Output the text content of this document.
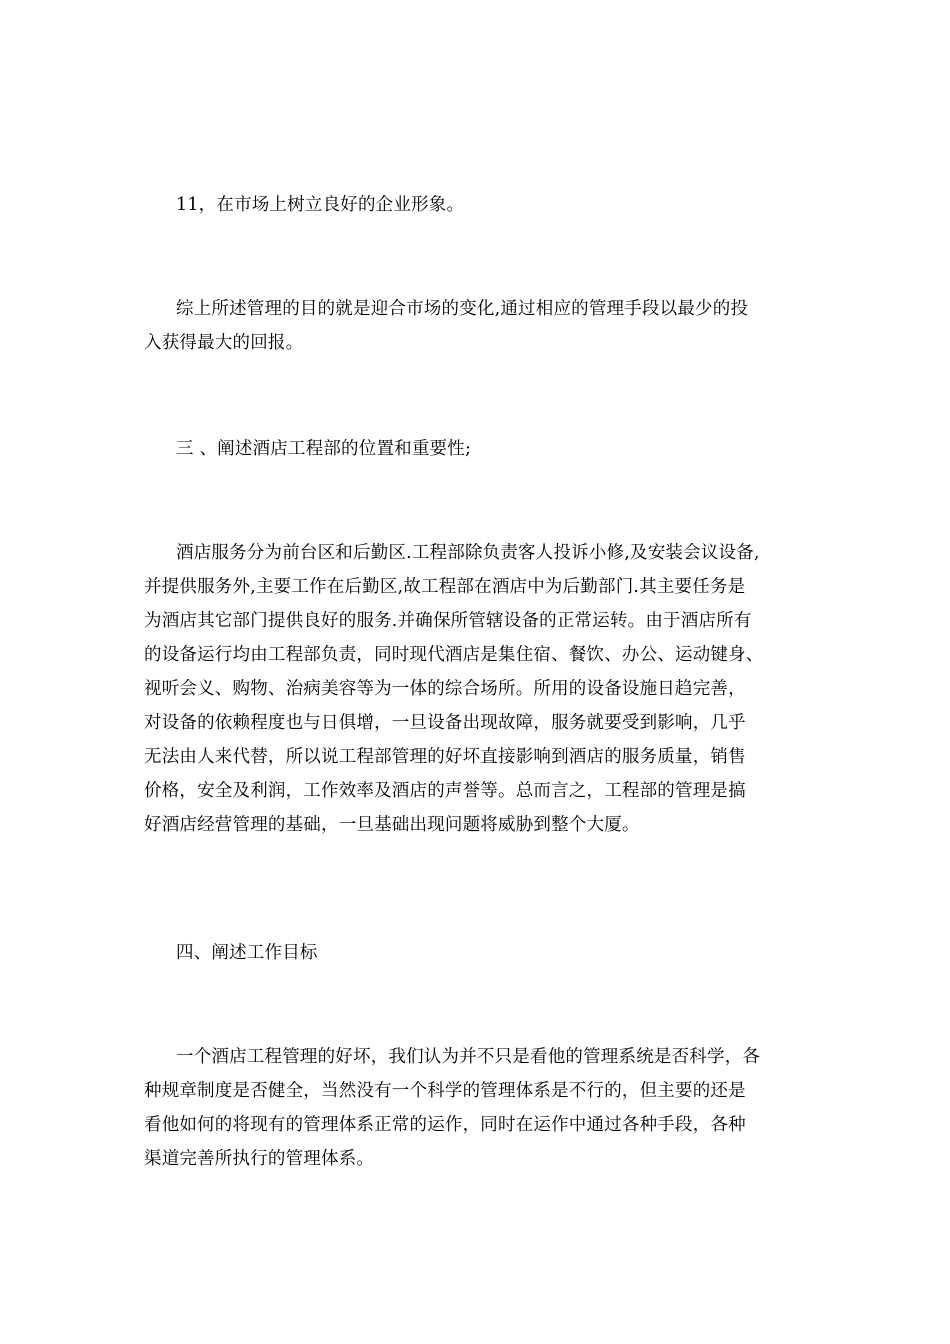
11，在市场上树立良好的企业形象。

综上所述管理的目的就是迎合市场的变化,通过相应的管理手段以最少的投
入获得最大的回报。

三 、阐述酒店工程部的位置和重要性;

酒店服务分为前台区和后勤区.工程部除负责客人投诉小修,及安装会议设备,
并提供服务外,主要工作在后勤区,故工程部在酒店中为后勤部门.其主要任务是
为酒店其它部门提供良好的服务.并确保所管辖设备的正常运转。由于酒店所有
的设备运行均由工程部负责，同时现代酒店是集住宿、餐饮、办公、运动键身、
视听会义、购物、治病美容等为一体的综合场所。所用的设备设施日趋完善，
对设备的依赖程度也与日俱增，一旦设备出现故障，服务就要受到影响，几乎
无法由人来代替，所以说工程部管理的好坏直接影响到酒店的服务质量，销售
价格，安全及利润，工作效率及酒店的声誉等。总而言之，工程部的管理是搞
好酒店经营管理的基础，一旦基础出现问题将威胁到整个大厦。

四、阐述工作目标

一个酒店工程管理的好坏，我们认为并不只是看他的管理系统是否科学，各
种规章制度是否健全，当然没有一个科学的管理体系是不行的，但主要的还是
看他如何的将现有的管理体系正常的运作，同时在运作中通过各种手段，各种
渠道完善所执行的管理体系。
